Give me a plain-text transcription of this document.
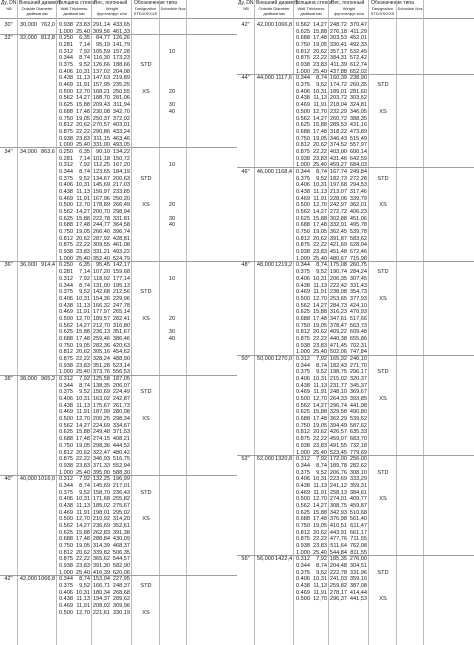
Ду, DN
NB
Внешний диаметр
Outside Diameter
дюймов мм
Толщина стенки
Wall Thickness
дюймов мм
Вес, погонный
Weight
фунтов/фут кг/м
Обозначение типа
Designation STD/XS/XXS
Schedule Nos
30"	30,000 762,0 0.938 23,83 291,14 433,65
1.000 25,40 309,56 461,33
32"	32,000 812,8 0.250	6,35	84,77 126,26
0.281	7,14	95,19 141,79
0.312	7,92 105,59 157,28	10
0.344	8,74 116,30 173,23
0.375	9,52 126,66 188,66	STD
0.406 10,31 137,02 204,08
0.438 11,13 147,63 219,89
0.469 11,91 157,95 235,25
0.500 12,70 168,21 250,55	XS	20
0.562 14,27 188,70 281,06
0.625 15,88 209,43 311,94	30
0.688 17,48 230,08 342,70	40
0.750 19,05 250,37 372,92
0.812 20,62 270,57 403,01
0.875 22,22 290,86 433,24
0.938 23,83 311,15 463,46
1.000 25,40 331,00 493,05
34"	34,000 863,6 0.250	6,35	90,10 134,22
0.281	7,14 101,18 150,72
0.312	7,92 112,25 167,20	10
0.344	8,74 123,65 184,19
0.375	9,52 134,67 200,63	STD
0.406 10,31 145,69 217,03
0.438 11,13 156,97 233,85
0.469 11,91 167,96 250,20
0.500 12,70 178,89 266,49	XS	20
0.562 14,27 200,70 298,94
0.625 15,88 222,78 331,81	30
0.688 17,48 244,77 364,58	40
0.750 19,05 266,40 396,74
0.812 20,62 287,92 428,81
0.875 22,22 309,55 461,08
0.938 23,83 331,21 493,22
1.000 25,40 352,40 524,79
36"	36,000 914,4 0.250	6,35	95,45 142,17
0.281	7,14 107,20 159,68
0.312	7,92 118,92 177,14	10
0.344	8,74 131,00 195,13
0.375	9,52 142,68 212,56	STD
0.406 10,31 154,36 229,96
0.438 11,13 166,32 247,78
0.469 11,91 177,97 265,14
0.500 12,70 189,57 282,41	XS	20
0.562 14,27 212,70 316,80
0.625 15,88 236,13 351,67	30
0.688 17,48 259,46 386,46	40
0.750 19,05 282,36 420,63
0.812 20,62 305,16 454,62
0.875 22,22 328,24 488,90
0.938 23,83 351,28 523,14
1.000 25,40 373,76 556,53
38"	38,000 965,2 0.312	7,92 125,58 187,05
0.344	8,74 138,35 206,07
0.375	9,52 150,69 224,49	STD
0.406 10,31 163,02 242,87
0.438 11,13 175,67 261,73
0.469 11,91 187,99 280,08
0.500 12,70 200,25 298,34	XS
0.562 14,27 224,69 334,67
0.625 15,88 249,48 371,53
0.688 17,48 274,15 408,21
0.750 19,05 298,36 444,52
0.812 20,62 322,47 480,42
0.875 22,22 346,93 516,75
0.938 23,83 371,33 552,94
1.000 25,40 395,00 588,30
40"	40,000 1016,0 0.312	7,92 132,25 196,99
0.344	8,74 145,69 217,01
0.375	9,52 158,70 236,43	STD
0.406 10,31 171,68 255,82
0.438 11,13 185,02 275,67
0.469 11,91 198,01 295,02
0.500 12,70 210,92 314,20	XS
0.562 14,27 236,69 352,61
0.625 15,88 262,83 391,38
0.688 17,48 288,84 430,09
0.750 19,05 314,39 468,37
0.812 20,62 339,82 506,35
0.875 22,22 365,62 544,57
0.938 23,83 391,30 582,90
1.000 25,40 416,39 620,06
42"	42,000 1066,8 0.344	8,74 153,04 227,95
0.375	9,52 166,71 248,37	STD
0.406 10,31 180,34 268,68
0.438 11,13 194,37 289,62
0.469 11,91 208,02 309,96
0.500 12,70 221,61 330,19	XS
Ду, DN
NB
Внешний диаметр
Outside Diameter
дюймов мм
Толщина стенки
Wall Thickness
дюймов мм
Вес, погонный
Weight
фунтов/фут кг/м
Обозначение типа
Designation STD/XS/XXS
Schedule Nos
42"	42,000 1066,8 0.562 14,27 248,72 370,47
0.625 15,88 276,18 411,29
0.688 17,48 303,53 452,01
0.750 19,05 330,41 492,33
0.812 20,62 357,17 532,45
0.875 22,22 384,31 572,42
0.938 23,83 411,39 612,74
1.000 25,40 437,88 652,02
44"	44,000 1117,6 0.344	8,74 160,39 238,90
0.375	9,52 174,72 260,35	STD
0.406 10,31 189,01 281,60
0.438 11,13 203,72 303,52
0.469 11,91 218,04 324,81
0.500 12,70 232,29 346,05	XS
0.562 14,27 260,72 388,35
0.625 15,88 289,53 431,16
0.688 17,48 318,22 473,89
0.750 19,05 346,43 515,49
0.812 20,62 374,52 557,97
0.875 22,22 403,00 600,14
0.938 23,83 431,46 642,59
1.000 25,40 459,27 684,03
46"	46,000 1168,4 0.344	8,74 167,74 249,84
0.375	9,52 182,73 272,28	STD
0.406 10,31 197,68 294,53
0.438 11,13 213,07 317,46
0.469 11,91 228,06 339,79
0.500 12,70 242,97 362,01	XS
0.562 14,27 272,72 406,23
0.625 15,88 302,88 451,06
0.688 17,48 332,91 495,78
0.750 19,05 362,45 539,78
0.812 20,62 391,87 583,62
0.875 22,22 421,69 628,04
0.938 23,83 451,48 672,46
1.000 25,40 480,67 715,98
48"	48,000 1219,2 0.344	8,74 175,08 260,75
0.375	9,52 190,74 284,24	STD
0.406 10,31 206,35 307,45
0.438 11,13 222,42 331,43
0.469 11,91 238,08 354,73
0.500 12,70 253,65 377,93	XS
0.562 14,27 284,73 424,10
0.625 15,88 316,23 470,93
0.688 17,48 347,61 517,66
0.750 19,05 378,47 563,73
0.812 20,62 409,22 609,48
0.875 22,22 440,38 655,86
0.938 23,83 471,45 702,31
1.000 25,40 502,06 747,84
50"	50,000 1270,0 0.312	7,92 165,32 246,10
0.344	8,74 182,43 271,70
0.375	9,52 198,75 296,17	STD
0.406 10,31 215,02 320,37
0.438 11,13 231,77 345,37
0.469 11,91 248,10 369,67
0.500 12,70 264,33 393,85	XS
0.562 14,27 296,74 441,98
0.625 15,88 329,58 490,80
0.688 17,48 362,29 539,52
0.750 19,05 394,49 587,62
0.812 20,62 426,57 635,33
0.875 22,22 459,07 683,70
0.938 23,83 491,55 732,18
1.000 25,40 523,45 779,69
52"	52,000 1320,8 0.312	7,92 172,00 256,00
0.344	8,74 189,78 282,62
0.375	9,52 206,76 308,10	STD
0.406 10,31 223,69 333,29
0.438 11,13 241,12 359,31
0.469 11,91 258,13 384,61
0.500 12,70 274,01 409,77	XS
0.562 14,27 308,75 459,87
0.625 15,88 342,93 510,68
0.688 17,48 376,98 561,40
0.750 19,05 410,51 611,47
0.812 20,62 443,91 661,17
0.875 22,22 477,76 711,55
0.938 23,83 511,64 762,08
1.000 25,40 544,84 811,55
56"	56,000 1422,4 0.312	7,92 185,35 276,00
0.344	8,74 204,48 304,51
0.375	9,52 222,78 331,96	STD
0.406 10,31 241,03 359,10
0.438 11,13 259,82 387,08
0.469 11,91 278,17 414,44
0.500 12,70 296,37 441,53	XS
